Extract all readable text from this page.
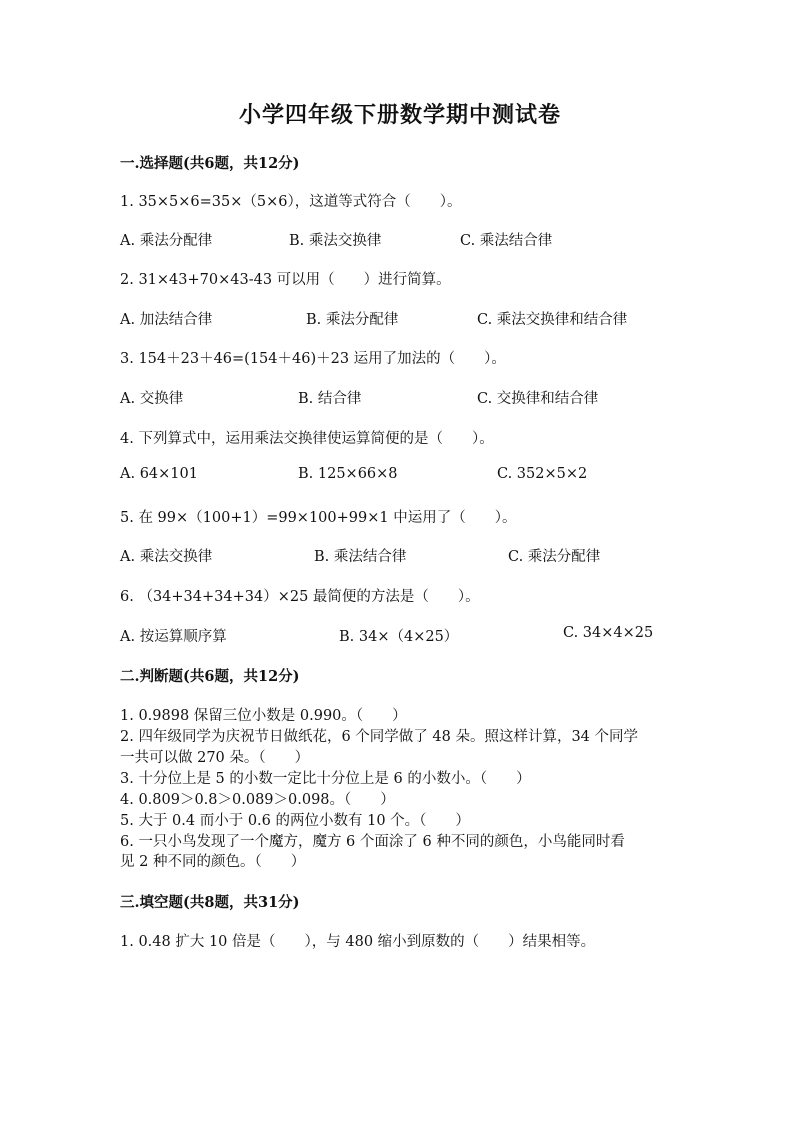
小学四年级下册数学期中测试卷
一.选择题(共6题，共12分)
1. 35×5×6=35×（5×6），这道等式符合（　　）。
A. 乘法分配律	B. 乘法交换律	C. 乘法结合律
2. 31×43+70×43-43 可以用（　　）进行简算。
A. 加法结合律	B. 乘法分配律	C. 乘法交换律和结合律
3. 154＋23＋46=(154＋46)＋23 运用了加法的（　　）。
A. 交换律	B. 结合律	C. 交换律和结合律
4. 下列算式中，运用乘法交换律使运算简便的是（　　）。
A. 64×101	B. 125×66×8	C. 352×5×2
5. 在 99×（100+1）=99×100+99×1 中运用了（　　）。
A. 乘法交换律	B. 乘法结合律	C. 乘法分配律
6. （34+34+34+34）×25 最简便的方法是（　　）。
A. 按运算顺序算	B. 34×（4×25）	C. 34×4×25
二.判断题(共6题，共12分)
1. 0.9898 保留三位小数是 0.990。（　　）
2. 四年级同学为庆祝节日做纸花，6 个同学做了 48 朵。照这样计算，34 个同学
一共可以做 270 朵。（　　）
3. 十分位上是 5 的小数一定比十分位上是 6 的小数小。（　　）
4. 0.809＞0.8＞0.089＞0.098。（　　）
5. 大于 0.4 而小于 0.6 的两位小数有 10 个。（　　）
6. 一只小鸟发现了一个魔方，魔方 6 个面涂了 6 种不同的颜色，小鸟能同时看
见 2 种不同的颜色。（　　）
三.填空题(共8题，共31分)
1. 0.48 扩大 10 倍是（　　），与 480 缩小到原数的（　　）结果相等。
